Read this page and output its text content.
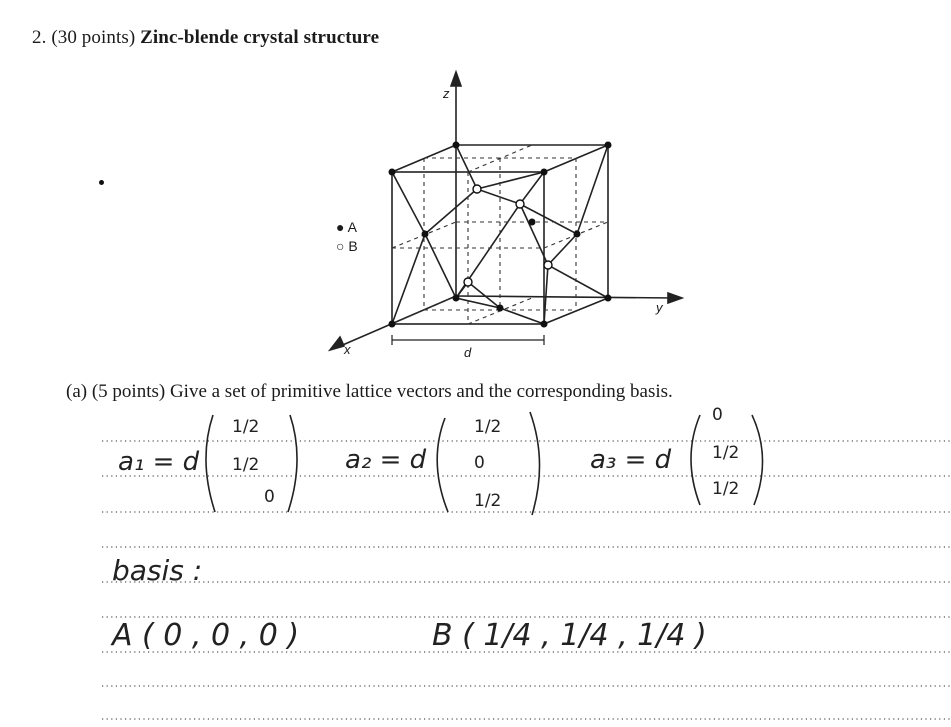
2. (30 points) Zinc-blende crystal structure
a₁ = d
1/2
1/2
0
a₂ = d
1/2
0
1/2
a₃ = d
0
1/2
1/2
basis :
A ( 0 , 0 , 0 )	B ( 1/4 , 1/4 , 1/4 )
● A
○ B
z
y
x	d
(a) (5 points) Give a set of primitive lattice vectors and the corresponding basis.
